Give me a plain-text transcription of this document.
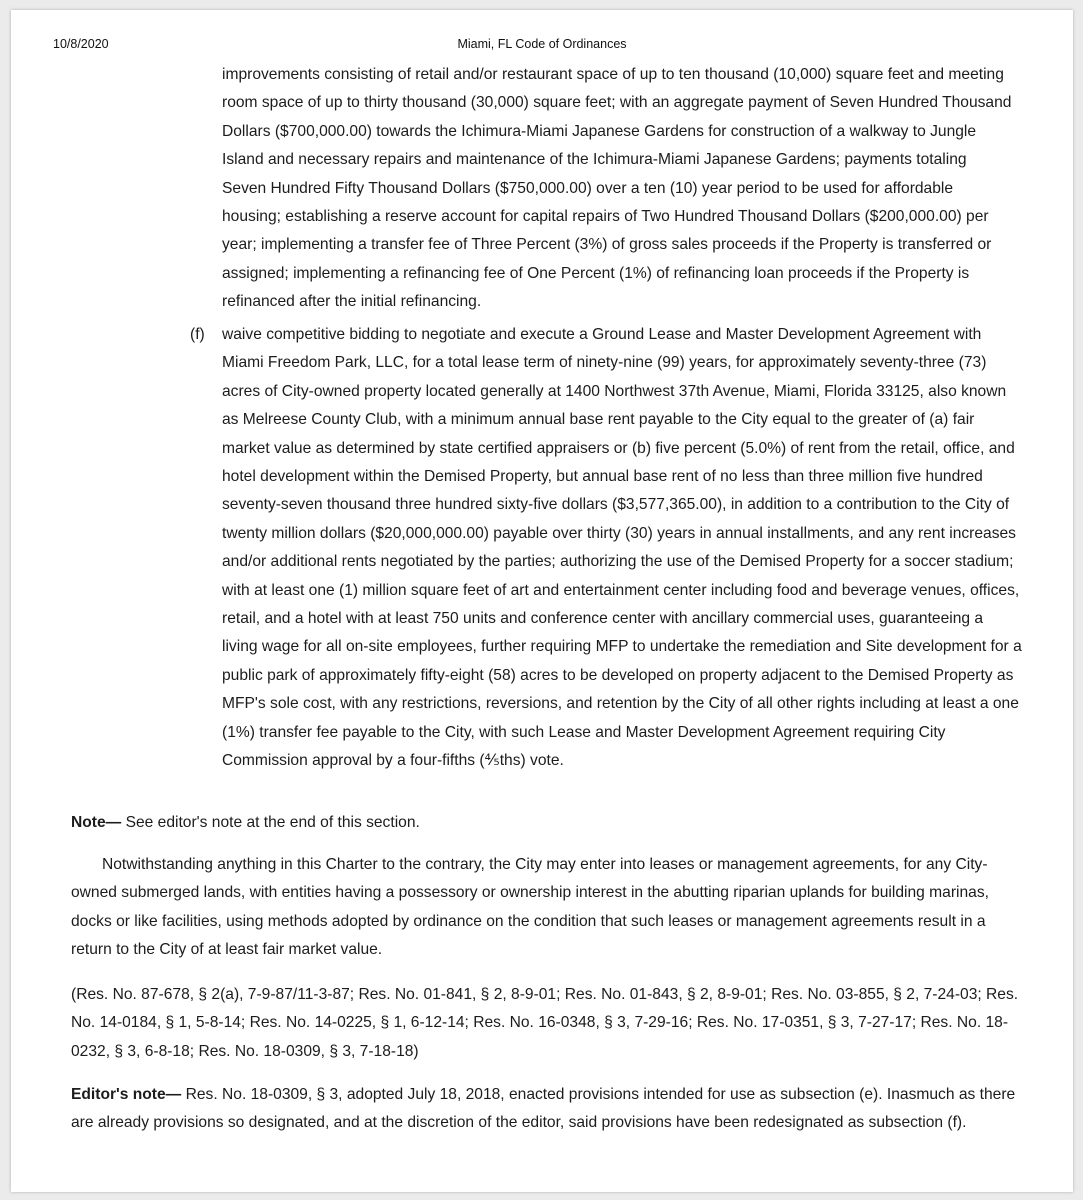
10/8/2020	Miami, FL Code of Ordinances

improvements consisting of retail and/or restaurant space of up to ten thousand (10,000) square feet and meeting room space of up to thirty thousand (30,000) square feet; with an aggregate payment of Seven Hundred Thousand Dollars ($700,000.00) towards the Ichimura-Miami Japanese Gardens for construction of a walkway to Jungle Island and necessary repairs and maintenance of the Ichimura-Miami Japanese Gardens; payments totaling Seven Hundred Fifty Thousand Dollars ($750,000.00) over a ten (10) year period to be used for affordable housing; establishing a reserve account for capital repairs of Two Hundred Thousand Dollars ($200,000.00) per year; implementing a transfer fee of Three Percent (3%) of gross sales proceeds if the Property is transferred or assigned; implementing a refinancing fee of One Percent (1%) of refinancing loan proceeds if the Property is refinanced after the initial refinancing.

(f) waive competitive bidding to negotiate and execute a Ground Lease and Master Development Agreement with Miami Freedom Park, LLC, for a total lease term of ninety-nine (99) years, for approximately seventy-three (73) acres of City-owned property located generally at 1400 Northwest 37th Avenue, Miami, Florida 33125, also known as Melreese County Club, with a minimum annual base rent payable to the City equal to the greater of (a) fair market value as determined by state certified appraisers or (b) five percent (5.0%) of rent from the retail, office, and hotel development within the Demised Property, but annual base rent of no less than three million five hundred seventy-seven thousand three hundred sixty-five dollars ($3,577,365.00), in addition to a contribution to the City of twenty million dollars ($20,000,000.00) payable over thirty (30) years in annual installments, and any rent increases and/or additional rents negotiated by the parties; authorizing the use of the Demised Property for a soccer stadium; with at least one (1) million square feet of art and entertainment center including food and beverage venues, offices, retail, and a hotel with at least 750 units and conference center with ancillary commercial uses, guaranteeing a living wage for all on-site employees, further requiring MFP to undertake the remediation and Site development for a public park of approximately fifty-eight (58) acres to be developed on property adjacent to the Demised Property as MFP's sole cost, with any restrictions, reversions, and retention by the City of all other rights including at least a one (1%) transfer fee payable to the City, with such Lease and Master Development Agreement requiring City Commission approval by a four-fifths (⅘ths) vote.

Note— See editor's note at the end of this section.

Notwithstanding anything in this Charter to the contrary, the City may enter into leases or management agreements, for any City-owned submerged lands, with entities having a possessory or ownership interest in the abutting riparian uplands for building marinas, docks or like facilities, using methods adopted by ordinance on the condition that such leases or management agreements result in a return to the City of at least fair market value.

(Res. No. 87-678, § 2(a), 7-9-87/11-3-87; Res. No. 01-841, § 2, 8-9-01; Res. No. 01-843, § 2, 8-9-01; Res. No. 03-855, § 2, 7-24-03; Res. No. 14-0184, § 1, 5-8-14; Res. No. 14-0225, § 1, 6-12-14; Res. No. 16-0348, § 3, 7-29-16; Res. No. 17-0351, § 3, 7-27-17; Res. No. 18-0232, § 3, 6-8-18; Res. No. 18-0309, § 3, 7-18-18)

Editor's note— Res. No. 18-0309, § 3, adopted July 18, 2018, enacted provisions intended for use as subsection (e). Inasmuch as there are already provisions so designated, and at the discretion of the editor, said provisions have been redesignated as subsection (f).
